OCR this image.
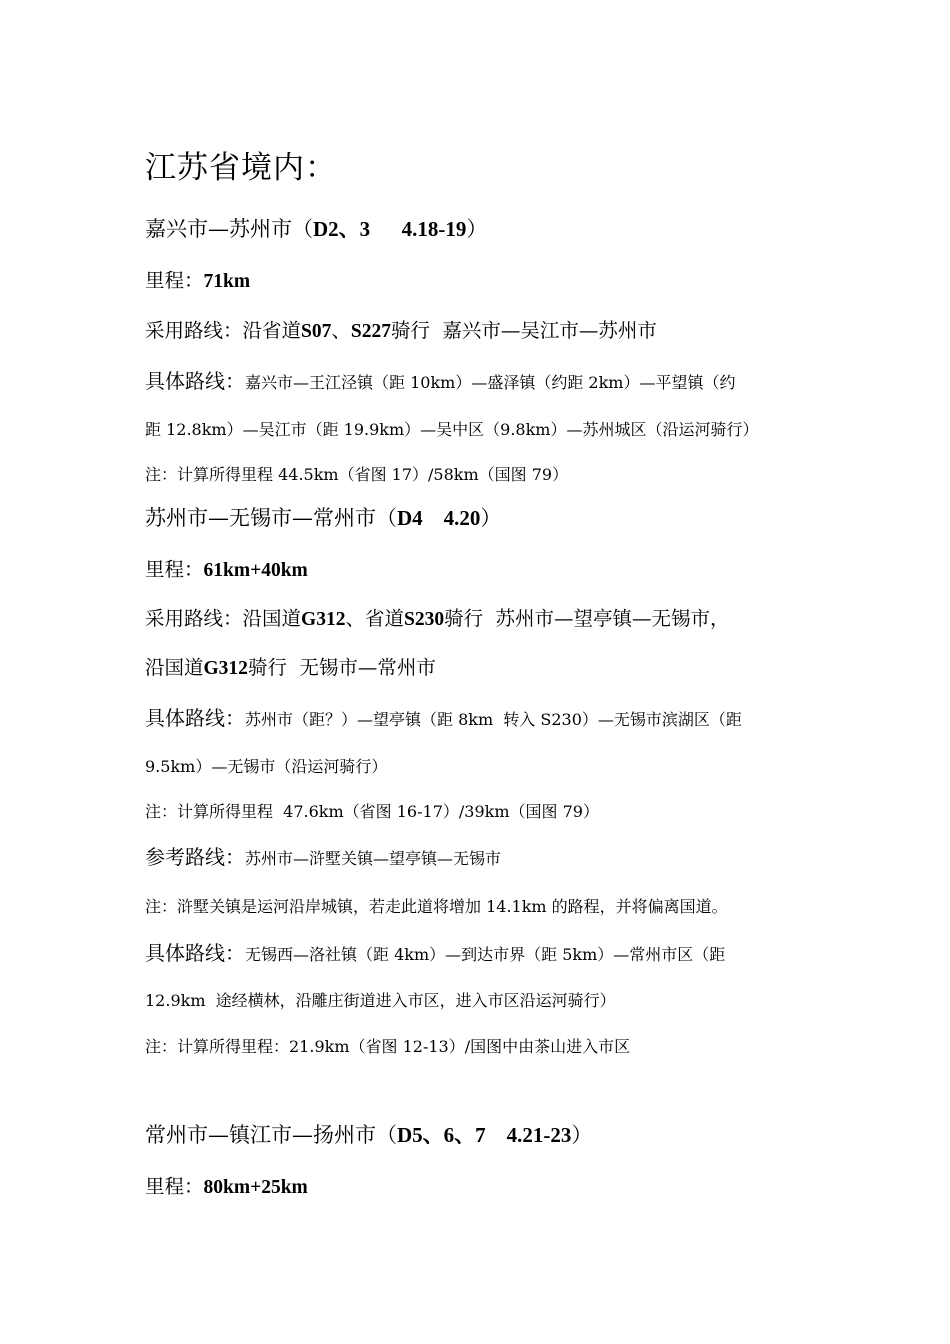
江苏省境内：
嘉兴市—苏州市（D2、3      4.18-19）
里程：71km
采用路线：沿省道S07、S227骑行  嘉兴市—吴江市—苏州市
具体路线：嘉兴市—王江泾镇（距 10km）—盛泽镇（约距 2km）—平望镇（约
距 12.8km）—吴江市（距 19.9km）—吴中区（9.8km）—苏州城区（沿运河骑行）
注：计算所得里程 44.5km（省图 17）/58km（国图 79）
苏州市—无锡市—常州市（D4    4.20）
里程：61km+40km
采用路线：沿国道G312、省道S230骑行  苏州市—望亭镇—无锡市，
沿国道G312骑行  无锡市—常州市
具体路线：苏州市（距？）—望亭镇（距 8km  转入 S230）—无锡市滨湖区（距
9.5km）—无锡市（沿运河骑行）
注：计算所得里程  47.6km（省图 16-17）/39km（国图 79）
参考路线：苏州市—浒墅关镇—望亭镇—无锡市
注：浒墅关镇是运河沿岸城镇，若走此道将增加 14.1km 的路程，并将偏离国道。
具体路线：无锡西—洛社镇（距 4km）—到达市界（距 5km）—常州市区（距
12.9km  途经横林，沿雕庄街道进入市区，进入市区沿运河骑行）
注：计算所得里程：21.9km（省图 12-13）/国图中由茶山进入市区
常州市—镇江市—扬州市（D5、6、7    4.21-23）
里程：80km+25km
